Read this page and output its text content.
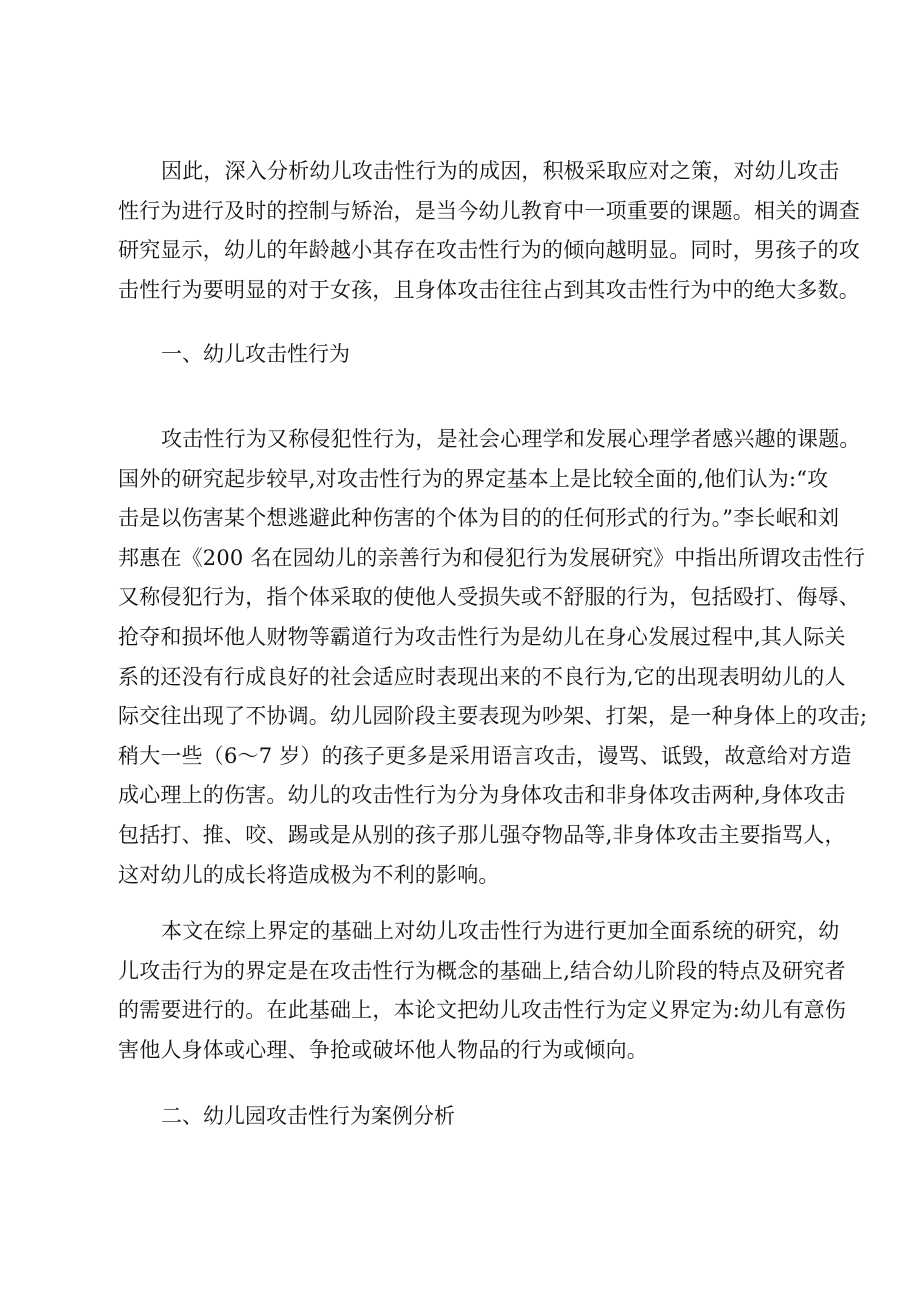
因此，深入分析幼儿攻击性行为的成因，积极采取应对之策，对幼儿攻击
性行为进行及时的控制与矫治，是当今幼儿教育中一项重要的课题。相关的调查
研究显示，幼儿的年龄越小其存在攻击性行为的倾向越明显。同时，男孩子的攻
击性行为要明显的对于女孩，且身体攻击往往占到其攻击性行为中的绝大多数。
一、幼儿攻击性行为
攻击性行为又称侵犯性行为，是社会心理学和发展心理学者感兴趣的课题。
国外的研究起步较早,对攻击性行为的界定基本上是比较全面的,他们认为:“攻
击是以伤害某个想逃避此种伤害的个体为目的的任何形式的行为。”李长岷和刘
邦惠在《200 名在园幼儿的亲善行为和侵犯行为发展研究》中指出所谓攻击性行
又称侵犯行为，指个体采取的使他人受损失或不舒服的行为，包括殴打、侮辱、
抢夺和损坏他人财物等霸道行为攻击性行为是幼儿在身心发展过程中,其人际关
系的还没有行成良好的社会适应时表现出来的不良行为,它的出现表明幼儿的人
际交往出现了不协调。幼儿园阶段主要表现为吵架、打架，是一种身体上的攻击;
稍大一些（6～7 岁）的孩子更多是采用语言攻击，谩骂、诋毁，故意给对方造
成心理上的伤害。幼儿的攻击性行为分为身体攻击和非身体攻击两种,身体攻击
包括打、推、咬、踢或是从别的孩子那儿强夺物品等,非身体攻击主要指骂人，
这对幼儿的成长将造成极为不利的影响。
本文在综上界定的基础上对幼儿攻击性行为进行更加全面系统的研究，幼
儿攻击行为的界定是在攻击性行为概念的基础上,结合幼儿阶段的特点及研究者
的需要进行的。在此基础上，本论文把幼儿攻击性行为定义界定为:幼儿有意伤
害他人身体或心理、争抢或破坏他人物品的行为或倾向。
二、幼儿园攻击性行为案例分析
